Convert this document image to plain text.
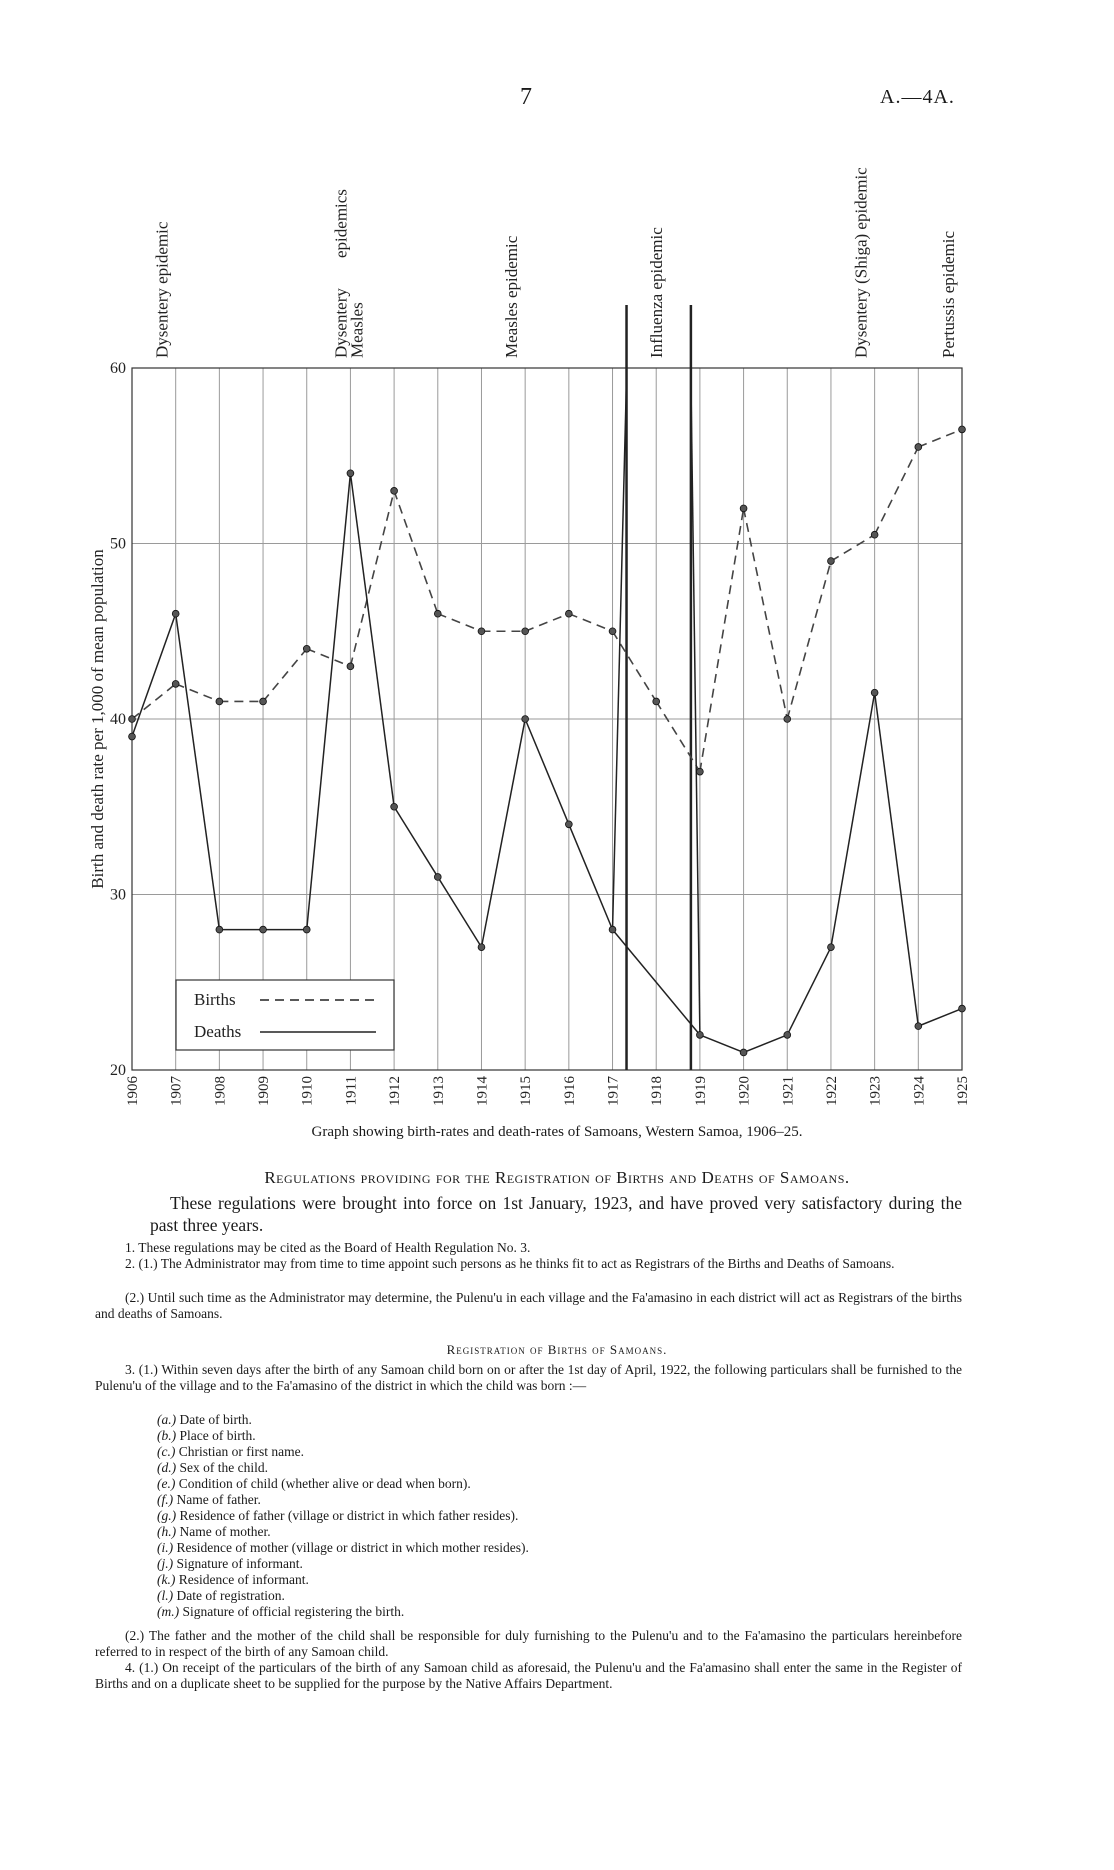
7	A.—4A.
20
30
40
50
60
Birth and death rate per 1,000 of mean population
1906 1907 1908 1909 1910 1911 1912 1913 1914 1915 1916 1917 1918 1919 1920 1921 1922 1923 1924 1925
Dysentery epidemic	Dysentery
Measles
epidemics
Measles epidemic	Influenza epidemic	Dysentery (Shiga) epidemic	Pertussis epidemic
Births
Deaths
Graph showing birth-rates and death-rates of Samoans, Western Samoa, 1906–25.
Regulations providing for the Registration of Births and Deaths of Samoans.
These regulations were brought into force on 1st January, 1923, and have proved very satisfactory during the past three years.

1. These regulations may be cited as the Board of Health Regulation No. 3.

2. (1.) The Administrator may from time to time appoint such persons as he thinks fit to act as Registrars of the Births and Deaths of Samoans.

(2.) Until such time as the Administrator may determine, the Pulenu'u in each village and the Fa'amasino in each district will act as Registrars of the births and deaths of Samoans.

Registration of Births of Samoans.

3. (1.) Within seven days after the birth of any Samoan child born on or after the 1st day of April, 1922, the following particulars shall be furnished to the Pulenu'u of the village and to the Fa'amasino of the district in which the child was born :—

(a.) Date of birth.
(b.) Place of birth.
(c.) Christian or first name.
(d.) Sex of the child.
(e.) Condition of child (whether alive or dead when born).
(f.) Name of father.
(g.) Residence of father (village or district in which father resides).
(h.) Name of mother.
(i.) Residence of mother (village or district in which mother resides).
(j.) Signature of informant.
(k.) Residence of informant.
(l.) Date of registration.
(m.) Signature of official registering the birth.

(2.) The father and the mother of the child shall be responsible for duly furnishing to the Pulenu'u and to the Fa'amasino the particulars hereinbefore referred to in respect of the birth of any Samoan child.

4. (1.) On receipt of the particulars of the birth of any Samoan child as aforesaid, the Pulenu'u and the Fa'amasino shall enter the same in the Register of Births and on a duplicate sheet to be supplied for the purpose by the Native Affairs Department.
